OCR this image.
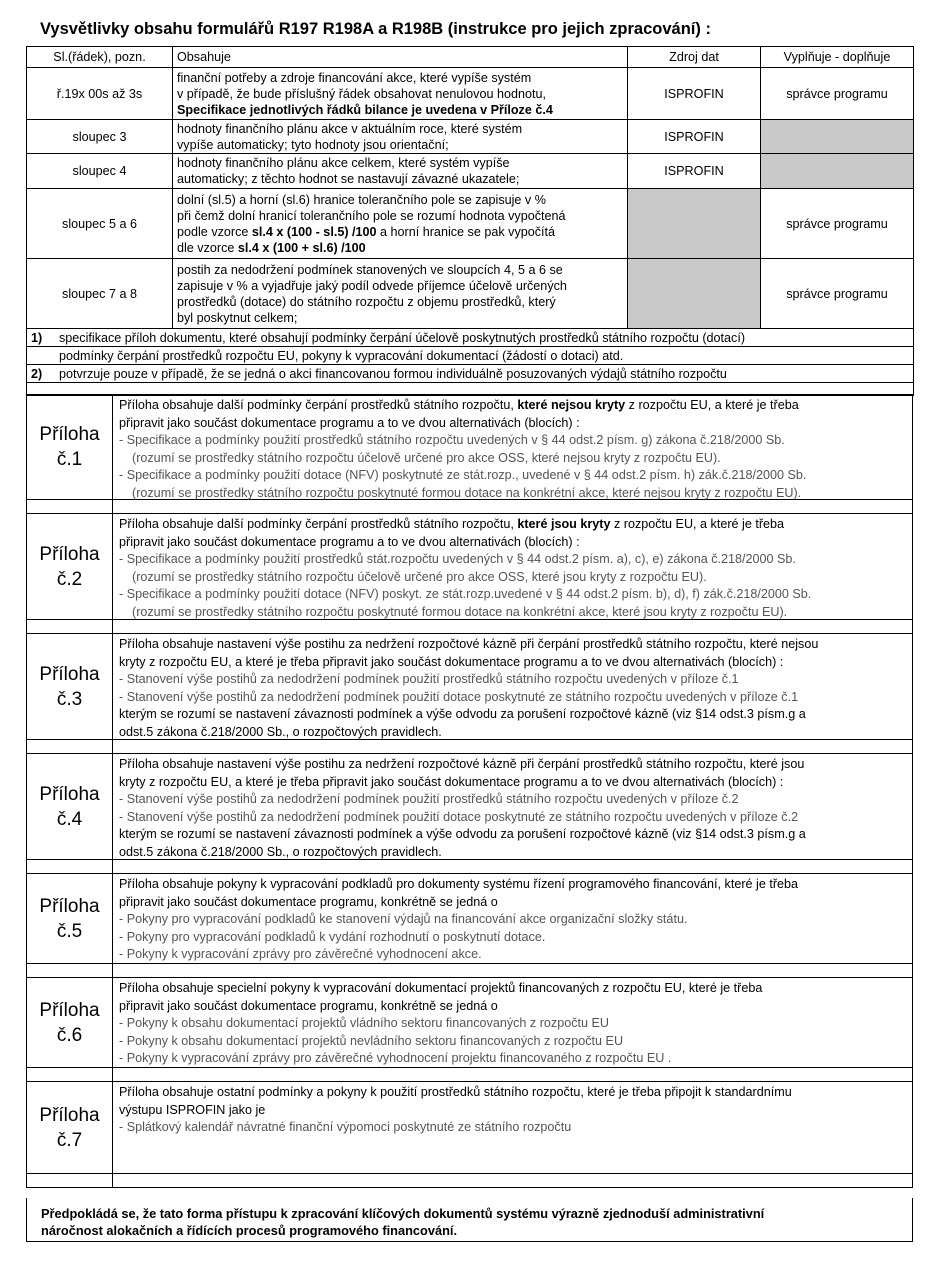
Vysvětlivky obsahu formulářů R197 R198A a R198B (instrukce pro jejich zpracování) :
Sl.(řádek), pozn.	Obsahuje	Zdroj dat	Vyplňuje - doplňuje
ř.19x 00s až 3s	finanční potřeby a zdroje financování akce, které vypíše systém
v případě, že bude příslušný řádek obsahovat nenulovou hodnotu,
Specifikace jednotlivých řádků bilance je uvedena v Příloze č.4	ISPROFIN	správce programu
sloupec 3	hodnoty finančního plánu akce v aktuálním roce, které systém
vypíše automaticky; tyto hodnoty jsou orientační;	ISPROFIN	
sloupec 4	hodnoty finančního plánu akce celkem, které systém vypíše
automaticky; z těchto hodnot se nastavují závazné ukazatele;	ISPROFIN	
sloupec 5 a 6	dolní (sl.5) a horní (sl.6) hranice tolerančního pole se zapisuje v %
při čemž dolní hranicí tolerančního pole se rozumí hodnota vypočtená
podle vzorce sl.4 x (100 - sl.5) /100 a horní hranice se pak vypočítá
dle vzorce sl.4 x (100 + sl.6) /100		správce programu
sloupec 7 a 8	postih za nedodržení podmínek stanovených ve sloupcích 4, 5 a 6 se
zapisuje v % a vyjadřuje jaký podíl odvede příjemce účelově určených
prostředků (dotace) do státního rozpočtu z objemu prostředků, který
byl poskytnut celkem;		správce programu
1) specifikace příloh dokumentu, které obsahují podmínky čerpání účelově poskytnutých prostředků státního rozpočtu (dotací)			
podmínky čerpání prostředků rozpočtu EU, pokyny k vypracování dokumentací (žádostí o dotaci) atd.			
2) potvrzuje pouze v případě, že se jedná o akci financovanou formou individuálně posuzovaných výdajů státního rozpočtu			

Příloha
č.1
Příloha obsahuje další podmínky čerpání prostředků státního rozpočtu, které nejsou kryty z rozpočtu EU, a které je třeba
připravit jako součást dokumentace programu a to ve dvou alternativách (blocích) :
- Specifikace a podmínky použití prostředků státního rozpočtu uvedených v § 44 odst.2 písm. g) zákona č.218/2000 Sb.
(rozumí se prostředky státního rozpočtu účelově určené pro akce OSS, které nejsou kryty z rozpočtu EU).
- Specifikace a podmínky použití dotace (NFV) poskytnuté ze stát.rozp., uvedené v § 44 odst.2 písm. h) zák.č.218/2000 Sb.
(rozumí se prostředky státního rozpočtu poskytnuté formou dotace na konkrétní akce, které nejsou kryty z rozpočtu EU).
Příloha
č.2
Příloha obsahuje další podmínky čerpání prostředků státního rozpočtu, které jsou kryty z rozpočtu EU, a které je třeba
připravit jako součást dokumentace programu a to ve dvou alternativách (blocích) :
- Specifikace a podmínky použití prostředků stát.rozpočtu uvedených v § 44 odst.2 písm. a), c), e) zákona č.218/2000 Sb.
(rozumí se prostředky státního rozpočtu účelově určené pro akce OSS, které jsou kryty z rozpočtu EU).
- Specifikace a podmínky použití dotace (NFV) poskyt. ze stát.rozp.uvedené v § 44 odst.2 písm. b), d), f) zák.č.218/2000 Sb.
(rozumí se prostředky státního rozpočtu poskytnuté formou dotace na konkrétní akce, které jsou kryty z rozpočtu EU).
Příloha
č.3
Příloha obsahuje nastavení výše postihu za nedržení rozpočtové kázně při čerpání prostředků státního rozpočtu, které nejsou
kryty z rozpočtu EU, a které je třeba připravit jako součást dokumentace programu a to ve dvou alternativách (blocích) :
- Stanovení výše postihů za nedodržení podmínek použití prostředků státního rozpočtu uvedených v příloze č.1
- Stanovení výše postihů za nedodržení podmínek použití dotace poskytnuté ze státního rozpočtu uvedených v příloze č.1
kterým se rozumí se nastavení závaznosti podmínek a výše odvodu za porušení rozpočtové kázně (viz §14 odst.3 písm.g a
odst.5 zákona č.218/2000 Sb., o rozpočtových pravidlech.
Příloha
č.4
Příloha obsahuje nastavení výše postihu za nedržení rozpočtové kázně při čerpání prostředků státního rozpočtu, které jsou
kryty z rozpočtu EU, a které je třeba připravit jako součást dokumentace programu a to ve dvou alternativách (blocích) :
- Stanovení výše postihů za nedodržení podmínek použití prostředků státního rozpočtu uvedených v příloze č.2
- Stanovení výše postihů za nedodržení podmínek použití dotace poskytnuté ze státního rozpočtu uvedených v příloze č.2
kterým se rozumí se nastavení závaznosti podmínek a výše odvodu za porušení rozpočtové kázně (viz §14 odst.3 písm.g a
odst.5 zákona č.218/2000 Sb., o rozpočtových pravidlech.
Příloha
č.5
Příloha obsahuje pokyny k vypracování podkladů pro dokumenty systému řízení programového financování, které je třeba
připravit jako součást dokumentace programu, konkrétně se jedná o
- Pokyny pro vypracování podkladů ke stanovení výdajů na financování akce organizační složky státu.
- Pokyny pro vypracování podkladů k vydání rozhodnutí o poskytnutí dotace.
- Pokyny k vypracování zprávy pro závěrečné vyhodnocení akce.
Příloha
č.6
Příloha obsahuje specielní pokyny k vypracování dokumentací projektů financovaných z rozpočtu EU, které je třeba
připravit jako součást dokumentace programu, konkrétně se jedná o
- Pokyny k obsahu dokumentací projektů vládního sektoru financovaných z rozpočtu EU
- Pokyny k obsahu dokumentací projektů nevládního sektoru financovaných z rozpočtu EU
- Pokyny k vypracování zprávy pro závěrečné vyhodnocení projektu financovaného z rozpočtu EU .
Příloha
č.7
Příloha obsahuje ostatní podmínky a pokyny k použití prostředků státního rozpočtu, které je třeba připojit k standardnímu
výstupu ISPROFIN jako je
- Splátkový kalendář návratné finanční výpomoci poskytnuté ze státního rozpočtu
Předpokládá se, že tato forma přístupu k zpracování klíčových dokumentů systému výrazně zjednoduší administrativní
náročnost alokačních a řídících procesů programového financování.
